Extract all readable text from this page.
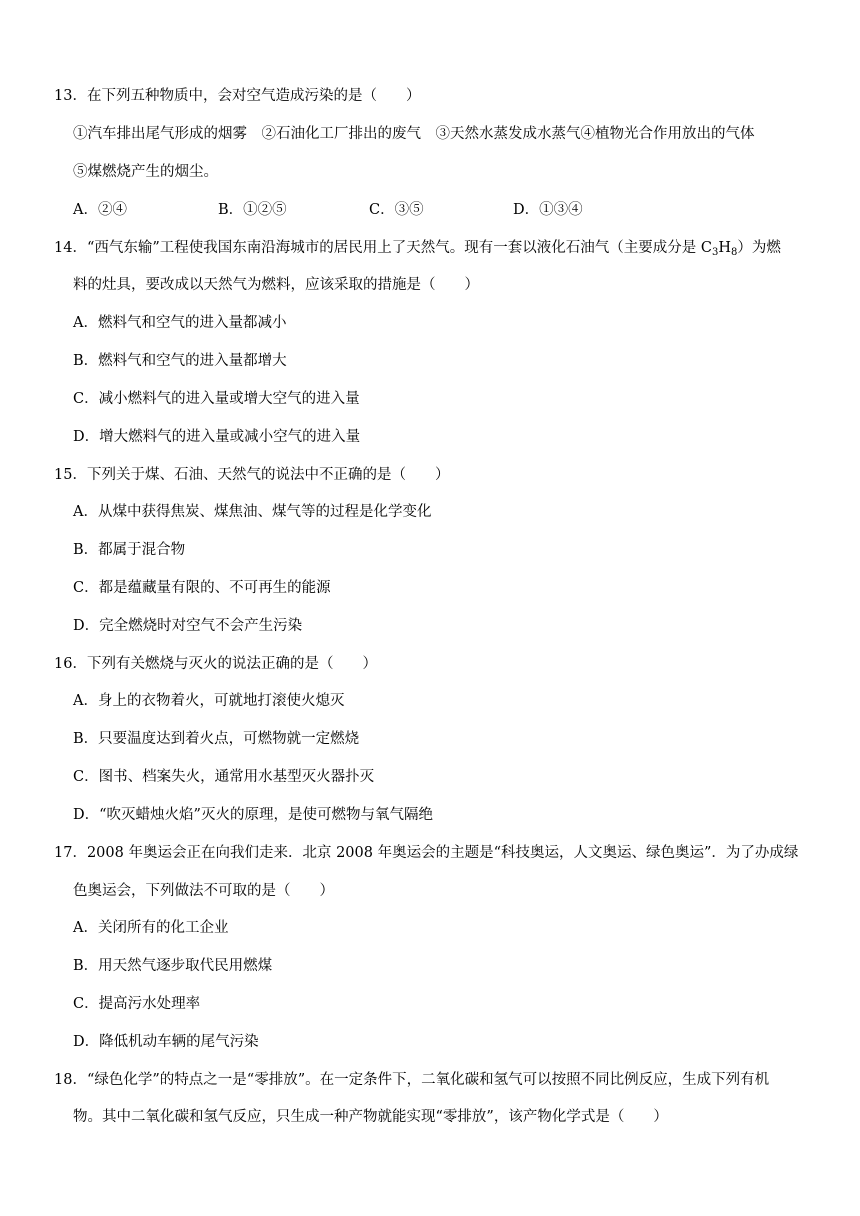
13．在下列五种物质中，会对空气造成污染的是（　　）
①汽车排出尾气形成的烟雾　②石油化工厂排出的废气　③天然水蒸发成水蒸气④植物光合作用放出的气体
⑤煤燃烧产生的烟尘。
A．②④	B．①②⑤	C．③⑤	D．①③④
14．“西气东输”工程使我国东南沿海城市的居民用上了天然气。现有一套以液化石油气（主要成分是 $C_3H_8$）为燃
料的灶具，要改成以天然气为燃料，应该采取的措施是（　　）
A．燃料气和空气的进入量都减小
B．燃料气和空气的进入量都增大
C．减小燃料气的进入量或增大空气的进入量
D．增大燃料气的进入量或减小空气的进入量
15．下列关于煤、石油、天然气的说法中不正确的是（　　）
A．从煤中获得焦炭、煤焦油、煤气等的过程是化学变化
B．都属于混合物
C．都是蕴藏量有限的、不可再生的能源
D．完全燃烧时对空气不会产生污染
16．下列有关燃烧与灭火的说法正确的是（　　）
A．身上的衣物着火，可就地打滚使火熄灭
B．只要温度达到着火点，可燃物就一定燃烧
C．图书、档案失火，通常用水基型灭火器扑灭
D．“吹灭蜡烛火焰”灭火的原理，是使可燃物与氧气隔绝
17．2008 年奥运会正在向我们走来．北京 2008 年奥运会的主题是“科技奥运，人文奥运、绿色奥运”．为了办成绿
色奥运会，下列做法不可取的是（　　）
A．关闭所有的化工企业
B．用天然气逐步取代民用燃煤
C．提高污水处理率
D．降低机动车辆的尾气污染
18．“绿色化学”的特点之一是“零排放”。在一定条件下，二氧化碳和氢气可以按照不同比例反应，生成下列有机
物。其中二氧化碳和氢气反应，只生成一种产物就能实现“零排放”，该产物化学式是（　　）
